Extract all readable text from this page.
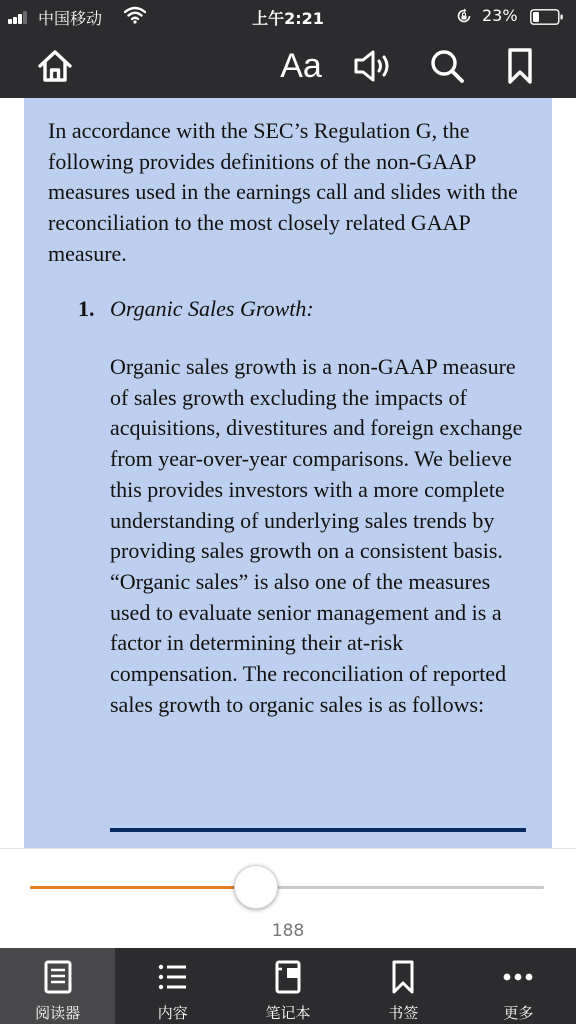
中国移动	上午2:21	23%
Aa

In accordance with the SEC’s Regulation G, the following provides definitions of the non-GAAP measures used in the earnings call and slides with the reconciliation to the most closely related GAAP measure.

1. Organic Sales Growth:

Organic sales growth is a non-GAAP measure of sales growth excluding the impacts of acquisitions, divestitures and foreign exchange from year-over-year comparisons. We believe this provides investors with a more complete understanding of underlying sales trends by providing sales growth on a consistent basis. “Organic sales” is also one of the measures used to evaluate senior management and is a factor in determining their at-risk compensation. The reconciliation of reported sales growth to organic sales is as follows:

188
阅读器	内容	笔记本	书签	更多
